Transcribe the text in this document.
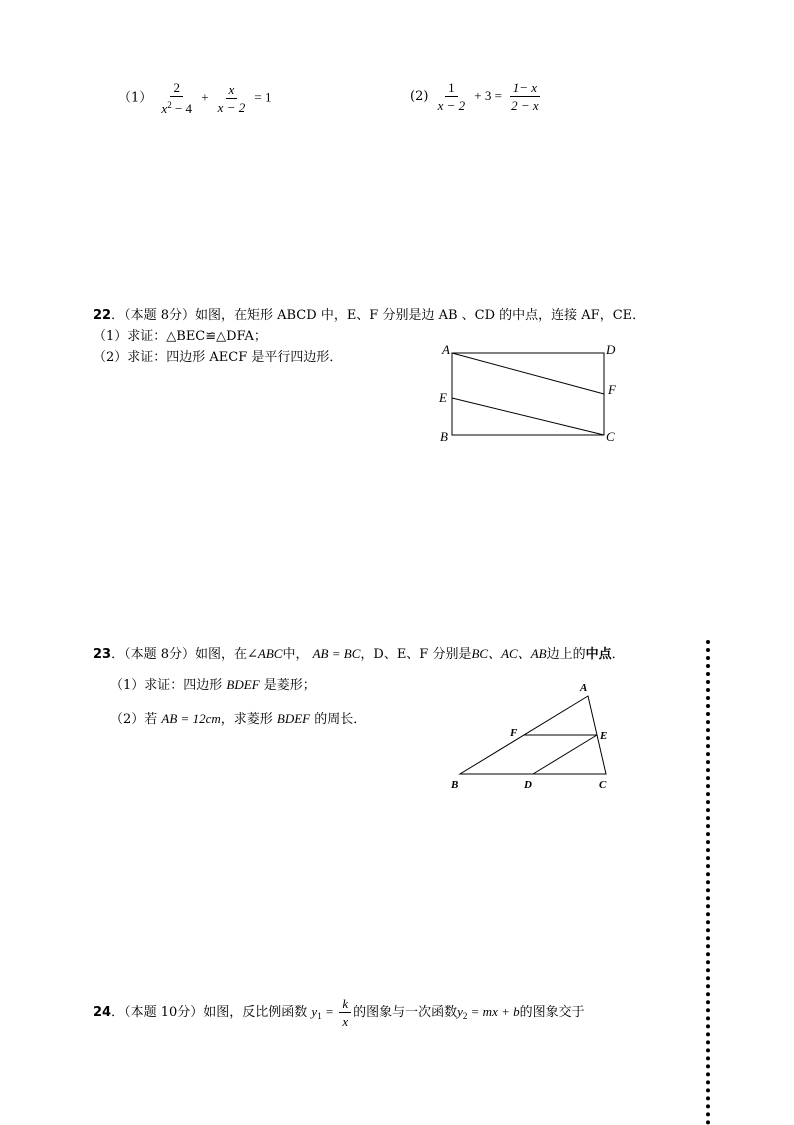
$(1) \frac{2}{x^2 - 4} + \frac{x}{x - 2} = 1$	$(2) \frac{1}{x - 2} + 3 = \frac{1- x}{2 - x}$
22．（本题 8分）如图，在矩形 ABCD 中，E、F 分别是边 AB 、CD 的中点，连接 AF，CE．
（1）求证：△BEC≌△DFA；
（2）求证：四边形 AECF 是平行四边形．
A	D
F
E
B	C
23．（本题 8分）如图，在∠ABC中， AB = BC，D、E、F 分别是BC、AC、AB边上的中点．
（1）求证：四边形 BDEF 是菱形；
（2）若 AB = 12cm，求菱形 BDEF 的周长．
A
F	E
B	D	C
24．（本题 10分）如图，反比例函数 $y_1 = \frac{k}{x}$ 的图象与一次函数$y_2$ = mx + b的图象交于
